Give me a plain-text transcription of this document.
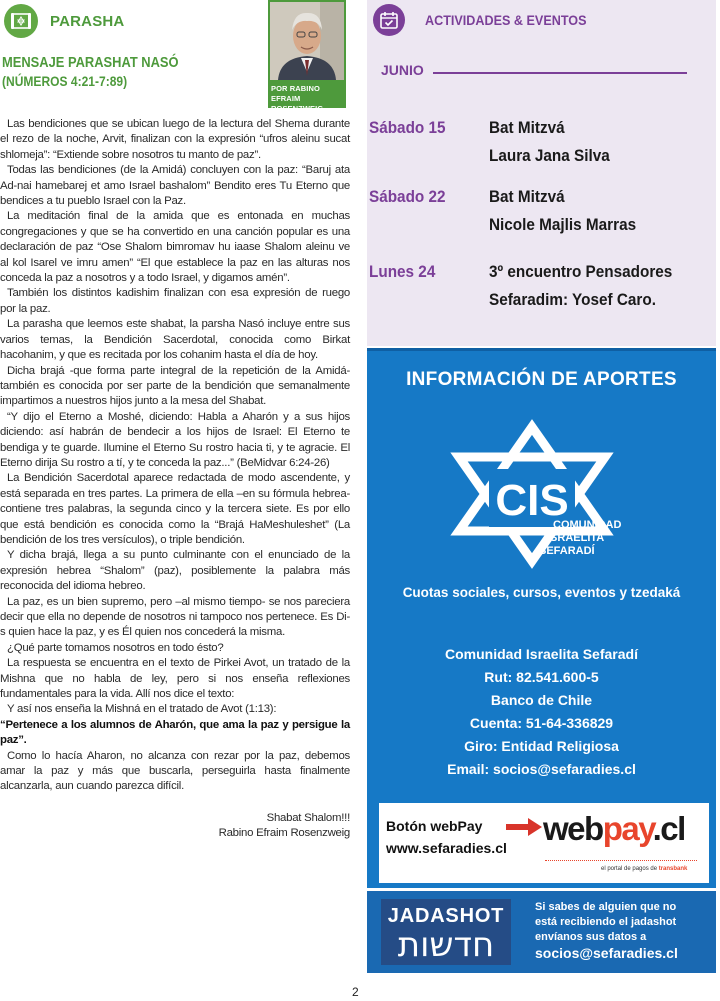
PARASHA
MENSAJE PARASHAT NASÓ
(NÚMEROS 4:21-7:89)	POR RABINO
EFRAIM ROSENZWEIG

Las bendiciones que se ubican luego de la lectura del Shema durante el rezo de la noche, Arvit, finalizan con la expresión “ufros aleinu sucat shlomeja”: “Extiende sobre nosotros tu manto de paz”.

Todas las bendiciones (de la Amidá) concluyen con la paz: “Baruj ata Ad-nai hamebarej et amo Israel bashalom” Bendito eres Tu Eterno que bendices a tu pueblo Israel con la Paz.

La meditación final de la amida que es entonada en muchas congregaciones y que se ha convertido en una canción popular es una declaración de paz “Ose Shalom bimromav hu iaase Shalom aleinu ve al kol Isarel ve imru amen” “El que establece la paz en las alturas nos conceda la paz a nosotros y a todo Israel, y digamos amén”.

También los distintos kadishim finalizan con esa expresión de ruego por la paz.

La parasha que leemos este shabat, la parsha Nasó incluye entre sus varios temas, la Bendición Sacerdotal, conocida como Birkat hacohanim, y que es recitada por los cohanim hasta el día de hoy.

Dicha brajá -que forma parte integral de la repetición de la Amidá- también es conocida por ser parte de la bendición que semanalmente impartimos a nuestros hijos junto a la mesa del Shabat.

“Y dijo el Eterno a Moshé, diciendo: Habla a Aharón y a sus hijos diciendo: así habrán de bendecir a los hijos de Israel: El Eterno te bendiga y te guarde. Ilumine el Eterno Su rostro hacia ti, y te agracie. El Eterno dirija Su rostro a tí, y te conceda la paz...” (BeMidvar 6:24-26)

La Bendición Sacerdotal aparece redactada de modo ascendente, y está separada en tres partes. La primera de ella –en su fórmula hebrea- contiene tres palabras, la segunda cinco y la tercera siete. Es por ello que está bendición es conocida como la “Brajá HaMeshuleshet” (La bendición de los tres versículos), o triple bendición.

Y dicha brajá, llega a su punto culminante con el enunciado de la expresión hebrea “Shalom” (paz), posiblemente la palabra más reconocida del idioma hebreo.

La paz, es un bien supremo, pero –al mismo tiempo- se nos pareciera decir que ella no depende de nosotros ni tampoco nos pertenece. Es Di-s quien hace la paz, y es Él quien nos concederá la misma.

¿Qué parte tomamos nosotros en todo ésto?

La respuesta se encuentra en el texto de Pirkei Avot, un tratado de la Mishna que no habla de ley, pero si nos enseña reflexiones fundamentales para la vida. Allí nos dice el texto:

Y así nos enseña la Mishná en el tratado de Avot (1:13):

“Pertenece a los alumnos de Aharón, que ama la paz y persigue la paz”.

Como lo hacía Aharon, no alcanza con rezar por la paz, debemos amar la paz y más que buscarla, perseguirla hasta finalmente alcanzarla, aun cuando parezca difícil.

Shabat Shalom!!!

Rabino Efraim Rosenzweig

ACTIVIDADES & EVENTOS
JUNIO
Sábado 15	Bat Mitzvá
Laura Jana Silva
Sábado 22	Bat Mitzvá
Nicole Majlis Marras
Lunes 24	3º encuentro Pensadores
Sefaradim: Yosef Caro.
INFORMACIÓN DE APORTES
CIS
COMUNIDAD
ISRAELITA
SEFARADÍ
Cuotas sociales, cursos, eventos y tzedaká
Comunidad Israelita Sefaradí
Rut: 82.541.600-5
Banco de Chile
Cuenta: 51-64-336829
Giro: Entidad Religiosa
Email: socios@sefaradies.cl
Botón webPay
www.sefaradies.cl
webpay.cl
el portal de pagos de transbank
JADASHOT
חדשות
Si sabes de alguien que no
está recibiendo el jadashot
envíanos sus datos a
socios@sefaradies.cl
2
